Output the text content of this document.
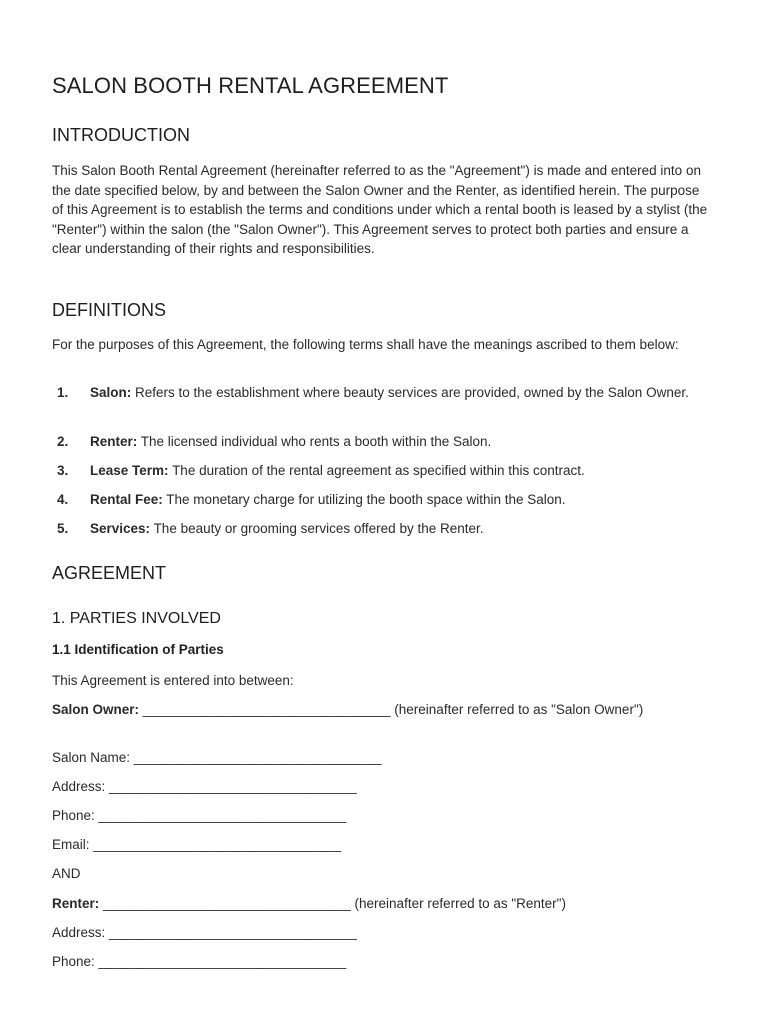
SALON BOOTH RENTAL AGREEMENT
INTRODUCTION
This Salon Booth Rental Agreement (hereinafter referred to as the "Agreement") is made and entered into on the date specified below, by and between the Salon Owner and the Renter, as identified herein. The purpose of this Agreement is to establish the terms and conditions under which a rental booth is leased by a stylist (the "Renter") within the salon (the "Salon Owner"). This Agreement serves to protect both parties and ensure a clear understanding of their rights and responsibilities.
DEFINITIONS
For the purposes of this Agreement, the following terms shall have the meanings ascribed to them below:
1. Salon: Refers to the establishment where beauty services are provided, owned by the Salon Owner.
2. Renter: The licensed individual who rents a booth within the Salon.
3. Lease Term: The duration of the rental agreement as specified within this contract.
4. Rental Fee: The monetary charge for utilizing the booth space within the Salon.
5. Services: The beauty or grooming services offered by the Renter.
AGREEMENT
1. PARTIES INVOLVED
1.1 Identification of Parties
This Agreement is entered into between:
Salon Owner: _________________________________ (hereinafter referred to as "Salon Owner")
Salon Name: _________________________________
Address: _________________________________
Phone: _________________________________
Email: _________________________________
AND
Renter: _________________________________ (hereinafter referred to as "Renter")
Address: _________________________________
Phone: _________________________________
